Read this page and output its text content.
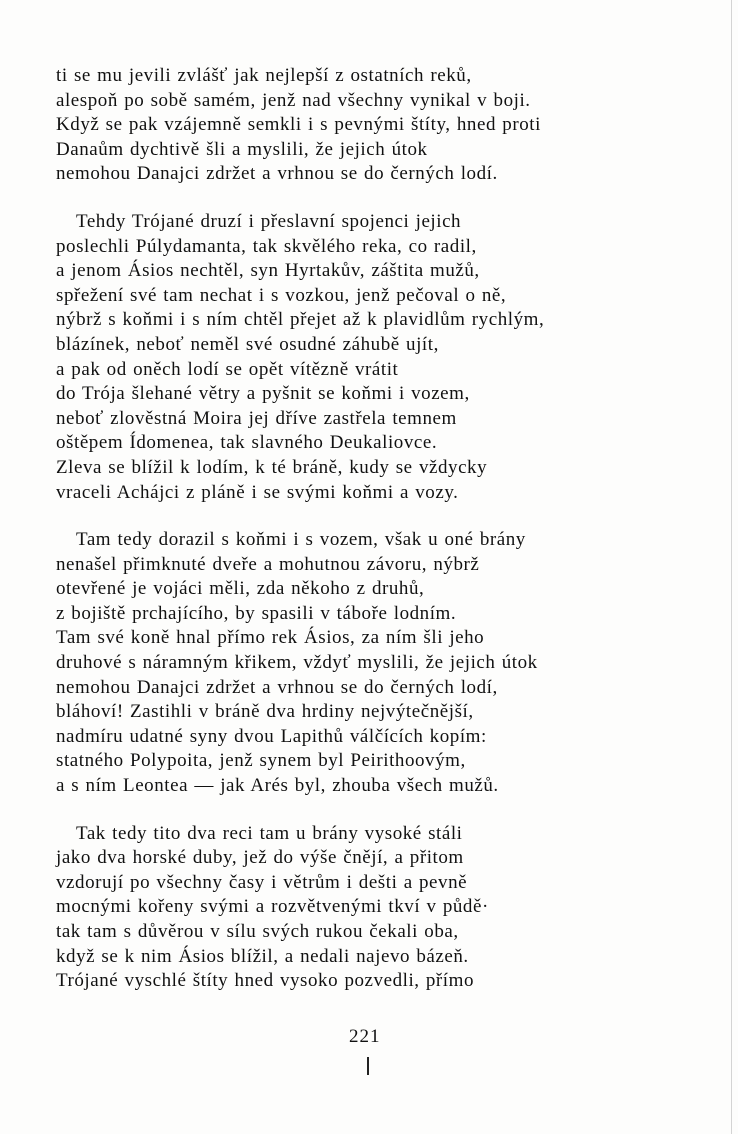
ti se mu jevili zvlášť jak nejlepší z ostatních reků,
alespoň po sobě samém, jenž nad všechny vynikal v boji.
Když se pak vzájemně semkli i s pevnými štíty, hned proti
Danaům dychtivě šli a myslili, že jejich útok
nemohou Danajci zdržet a vrhnou se do černých lodí.
Tehdy Trójané druzí i přeslavní spojenci jejich
poslechli Púlydamanta, tak skvělého reka, co radil,
a jenom Ásios nechtěl, syn Hyrtakův, záštita mužů,
spřežení své tam nechat i s vozkou, jenž pečoval o ně,
nýbrž s koňmi i s ním chtěl přejet až k plavidlům rychlým,
blázínek, neboť neměl své osudné záhubě ujít,
a pak od oněch lodí se opět vítězně vrátit
do Trója šlehané větry a pyšnit se koňmi i vozem,
neboť zlověstná Moira jej dříve zastřela temnem
oštěpem Ídomenea, tak slavného Deukaliovce.
Zleva se blížil k lodím, k té bráně, kudy se vždycky
vraceli Achájci z pláně i se svými koňmi a vozy.
Tam tedy dorazil s koňmi i s vozem, však u oné brány
nenašel přimknuté dveře a mohutnou závoru, nýbrž
otevřené je vojáci měli, zda někoho z druhů,
z bojiště prchajícího, by spasili v táboře lodním.
Tam své koně hnal přímo rek Ásios, za ním šli jeho
druhové s náramným křikem, vždyť myslili, že jejich útok
nemohou Danajci zdržet a vrhnou se do černých lodí,
bláhoví! Zastihli v bráně dva hrdiny nejvýtečnější,
nadmíru udatné syny dvou Lapithů válčících kopím:
statného Polypoita, jenž synem byl Peirithoovým,
a s ním Leontea — jak Arés byl, zhouba všech mužů.
Tak tedy tito dva reci tam u brány vysoké stáli
jako dva horské duby, jež do výše čnějí, a přitom
vzdorují po všechny časy i větrům i dešti a pevně
mocnými kořeny svými a rozvětvenými tkví v půdě·
tak tam s důvěrou v sílu svých rukou čekali oba,
když se k nim Ásios blížil, a nedali najevo bázeň.
Trójané vyschlé štíty hned vysoko pozvedli, přímo
221
